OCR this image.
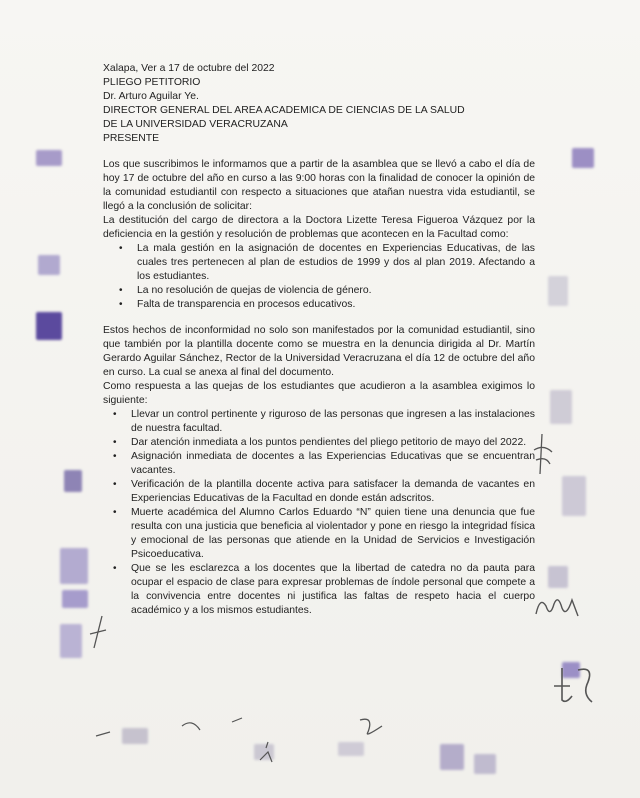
Xalapa, Ver a 17 de octubre del 2022

PLIEGO PETITORIO

Dr. Arturo Aguilar Ye.

DIRECTOR GENERAL DEL AREA ACADEMICA DE CIENCIAS DE LA SALUD

DE LA UNIVERSIDAD VERACRUZANA

PRESENTE

Los que suscribimos le informamos que a partir de la asamblea que se llevó a cabo el día de hoy 17 de octubre del año en curso a las 9:00 horas con la finalidad de conocer la opinión de la comunidad estudiantil con respecto a situaciones que atañan nuestra vida estudiantil, se llegó a la conclusión de solicitar:

La destitución del cargo de directora a la Doctora Lizette Teresa Figueroa Vázquez por la deficiencia en la gestión y resolución de problemas que acontecen en la Facultad como:

• La mala gestión en la asignación de docentes en Experiencias Educativas, de las cuales tres pertenecen al plan de estudios de 1999 y dos al plan 2019. Afectando a los estudiantes.
• La no resolución de quejas de violencia de género.
• Falta de transparencia en procesos educativos.

Estos hechos de inconformidad no solo son manifestados por la comunidad estudiantil, sino que también por la plantilla docente como se muestra en la denuncia dirigida al Dr. Martín Gerardo Aguilar Sánchez, Rector de la Universidad Veracruzana el día 12 de octubre del año en curso. La cual se anexa al final del documento.

Como respuesta a las quejas de los estudiantes que acudieron a la asamblea exigimos lo siguiente:

• Llevar un control pertinente y riguroso de las personas que ingresen a las instalaciones de nuestra facultad.
• Dar atención inmediata a los puntos pendientes del pliego petitorio de mayo del 2022.
• Asignación inmediata de docentes a las Experiencias Educativas que se encuentran vacantes.
• Verificación de la plantilla docente activa para satisfacer la demanda de vacantes en Experiencias Educativas de la Facultad en donde están adscritos.
• Muerte académica del Alumno Carlos Eduardo “N” quien tiene una denuncia que fue resulta con una justicia que beneficia al violentador y pone en riesgo la integridad física y emocional de las personas que atiende en la Unidad de Servicios e Investigación Psicoeducativa.
• Que se les esclarezca a los docentes que la libertad de catedra no da pauta para ocupar el espacio de clase para expresar problemas de índole personal que compete a la convivencia entre docentes ni justifica las faltas de respeto hacia el cuerpo académico y a los mismos estudiantes.
